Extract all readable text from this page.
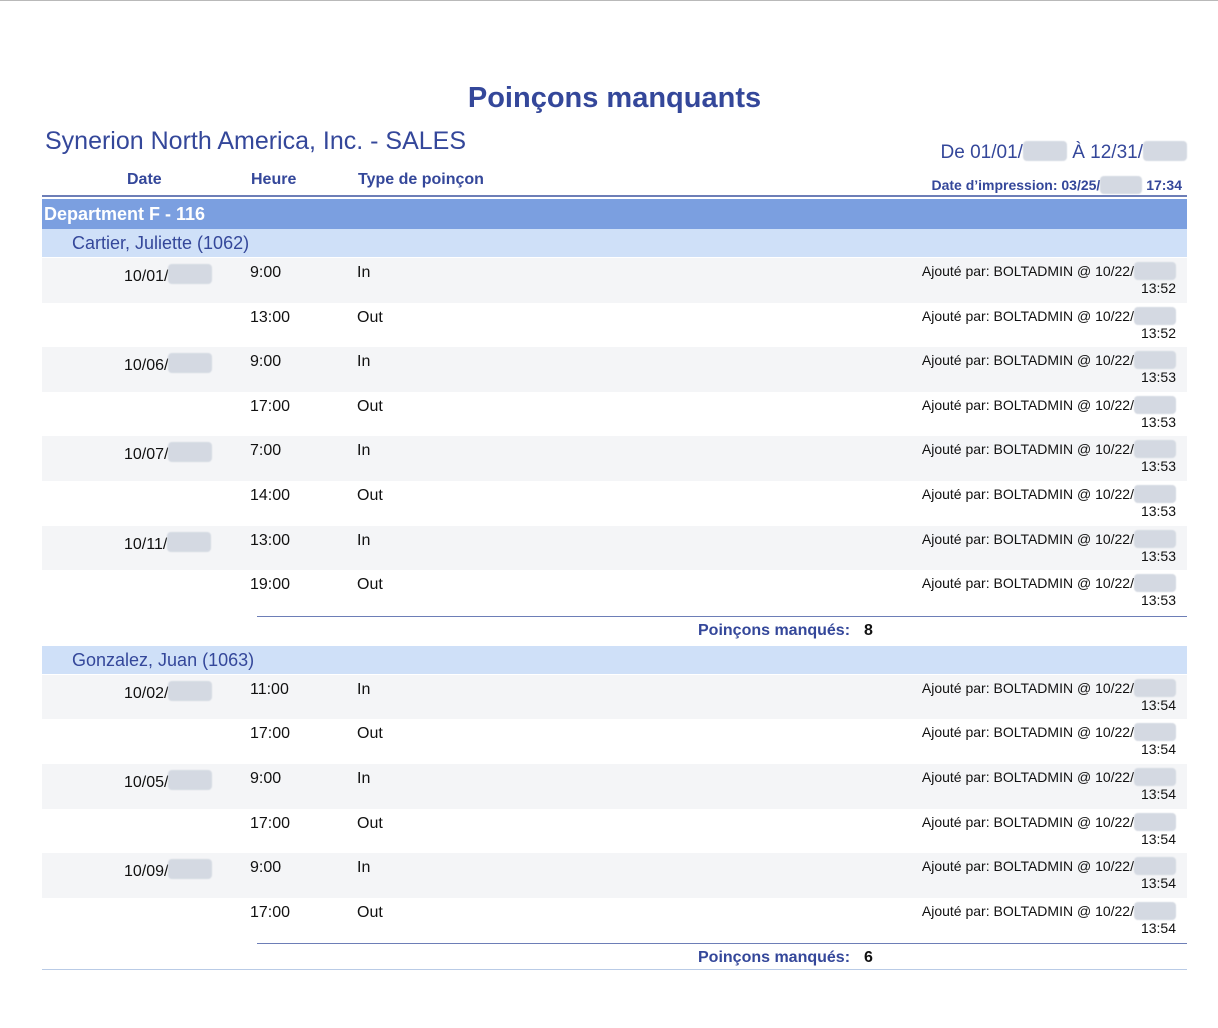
Poinçons manquants
Synerion North America, Inc. - SALES	De 01/01/	À 12/31/
Date	Heure	Type de poinçon	Date d’impression: 03/25/	17:34
Department F - 116
Cartier, Juliette (1062)
10/01/	9:00	In	Ajouté par: BOLTADMIN @ 10/22/
13:52
13:00	Out	Ajouté par: BOLTADMIN @ 10/22/
13:52
10/06/	9:00	In	Ajouté par: BOLTADMIN @ 10/22/
13:53
17:00	Out	Ajouté par: BOLTADMIN @ 10/22/
13:53
10/07/	7:00	In	Ajouté par: BOLTADMIN @ 10/22/
13:53
14:00	Out	Ajouté par: BOLTADMIN @ 10/22/
13:53
10/11/	13:00	In	Ajouté par: BOLTADMIN @ 10/22/
13:53
19:00	Out	Ajouté par: BOLTADMIN @ 10/22/
13:53
Poinçons manqués: 8
Gonzalez, Juan (1063)
10/02/	11:00	In	Ajouté par: BOLTADMIN @ 10/22/
13:54
17:00	Out	Ajouté par: BOLTADMIN @ 10/22/
13:54
10/05/	9:00	In	Ajouté par: BOLTADMIN @ 10/22/
13:54
17:00	Out	Ajouté par: BOLTADMIN @ 10/22/
13:54
10/09/	9:00	In	Ajouté par: BOLTADMIN @ 10/22/
13:54
17:00	Out	Ajouté par: BOLTADMIN @ 10/22/
13:54
Poinçons manqués: 6
